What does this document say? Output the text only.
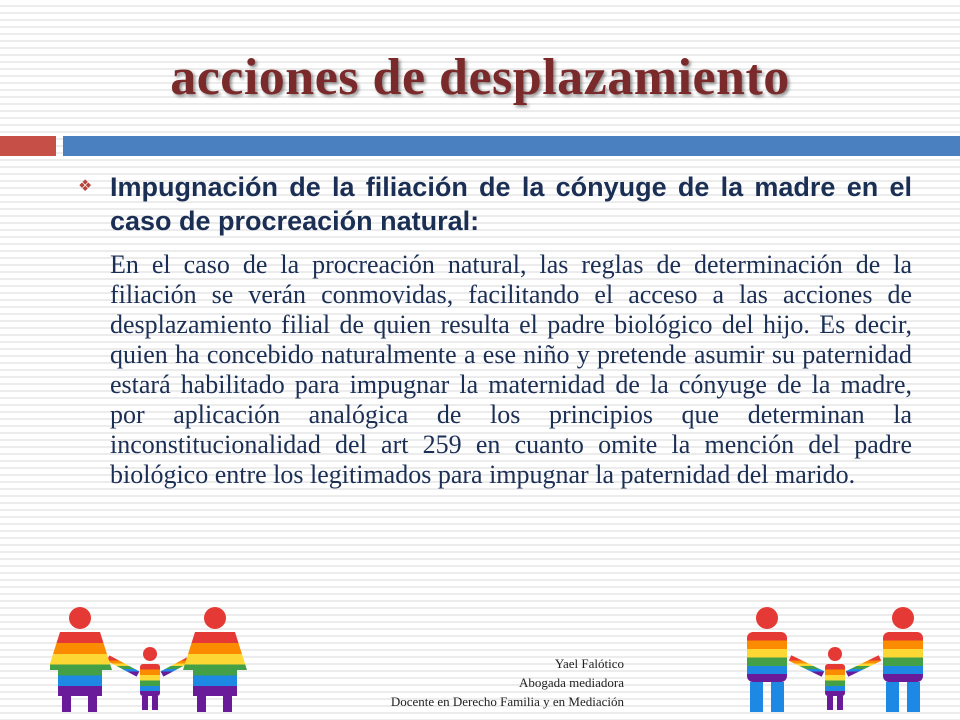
acciones de desplazamiento
❖ Impugnación de la filiación de la cónyuge de la madre en el caso de procreación natural:

En el caso de la procreación natural, las reglas de determinación de la filiación se verán conmovidas, facilitando el acceso a las acciones de desplazamiento filial de quien resulta el padre biológico del hijo. Es decir, quien ha concebido naturalmente a ese niño y pretende asumir su paternidad estará habilitado para impugnar la maternidad de la cónyuge de la madre, por aplicación analógica de los principios que determinan la inconstitucionalidad del art 259 en cuanto omite la mención del padre biológico entre los legitimados para impugnar la paternidad del marido.

Yael Falótico
Abogada mediadora
Docente en Derecho Familia y en Mediación
